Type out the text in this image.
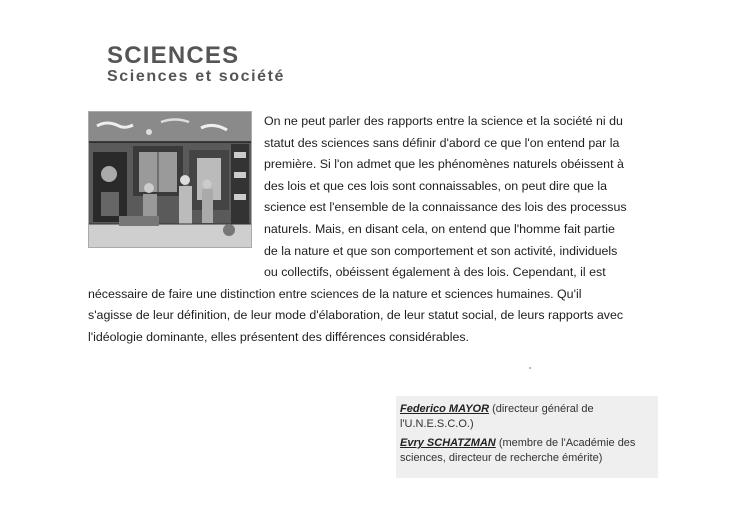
SCIENCES
Sciences et société
On ne peut parler des rapports entre la science et la société ni du statut des sciences sans définir d'abord ce que l'on entend par la première. Si l'on admet que les phénomènes naturels obéissent à des lois et que ces lois sont connaissables, on peut dire que la science est l'ensemble de la connaissance des lois des processus naturels. Mais, en disant cela, on entend que l'homme fait partie de la nature et que son comportement et son activité, individuels ou collectifs, obéissent également à des lois. Cependant, il est nécessaire de faire une distinction entre sciences de la nature et sciences humaines. Qu'il s'agisse de leur définition, de leur mode d'élaboration, de leur statut social, de leurs rapports avec l'idéologie dominante, elles présentent des différences considérables.
Federico MAYOR (directeur général de l'U.N.E.S.C.O.)
Evry SCHATZMAN (membre de l'Académie des sciences, directeur de recherche émérite)
